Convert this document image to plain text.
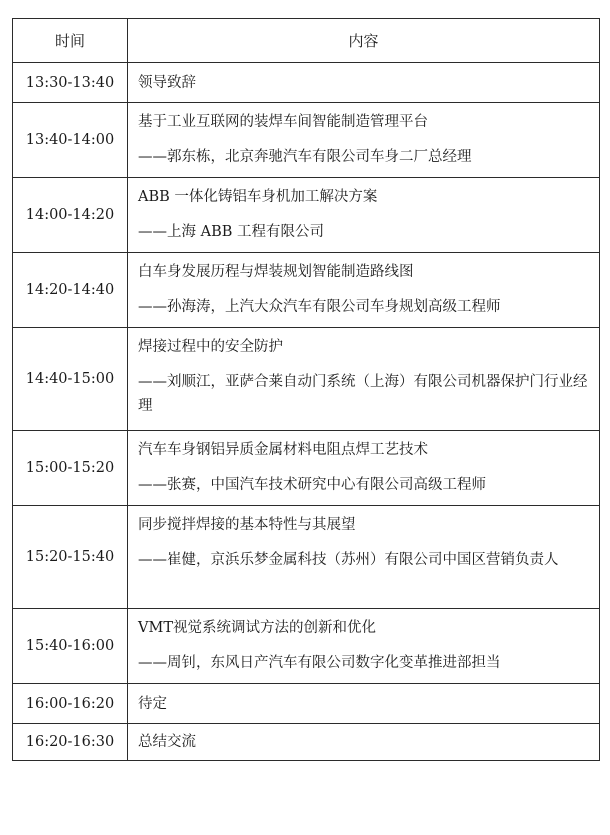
时间	内容
13:30-13:40	领导致辞

13:40-14:00	基于工业互联网的装焊车间智能制造管理平台
——郭东栋，北京奔驰汽车有限公司车身二厂总经理

14:00-14:20	ABB 一体化铸铝车身机加工解决方案
——上海 ABB 工程有限公司

14:20-14:40	白车身发展历程与焊装规划智能制造路线图
——孙海涛，上汽大众汽车有限公司车身规划高级工程师

14:40-15:00	焊接过程中的安全防护
——刘顺江，亚萨合莱自动门系统（上海）有限公司机器保护门行业经理

15:00-15:20	汽车车身钢铝异质金属材料电阻点焊工艺技术
——张赛，中国汽车技术研究中心有限公司高级工程师

15:20-15:40	同步搅拌焊接的基本特性与其展望
——崔健，京浜乐梦金属科技（苏州）有限公司中国区营销负责人

15:40-16:00	VMT视觉系统调试方法的创新和优化
——周钊，东风日产汽车有限公司数字化变革推进部担当

16:00-16:20	待定

16:20-16:30	总结交流
